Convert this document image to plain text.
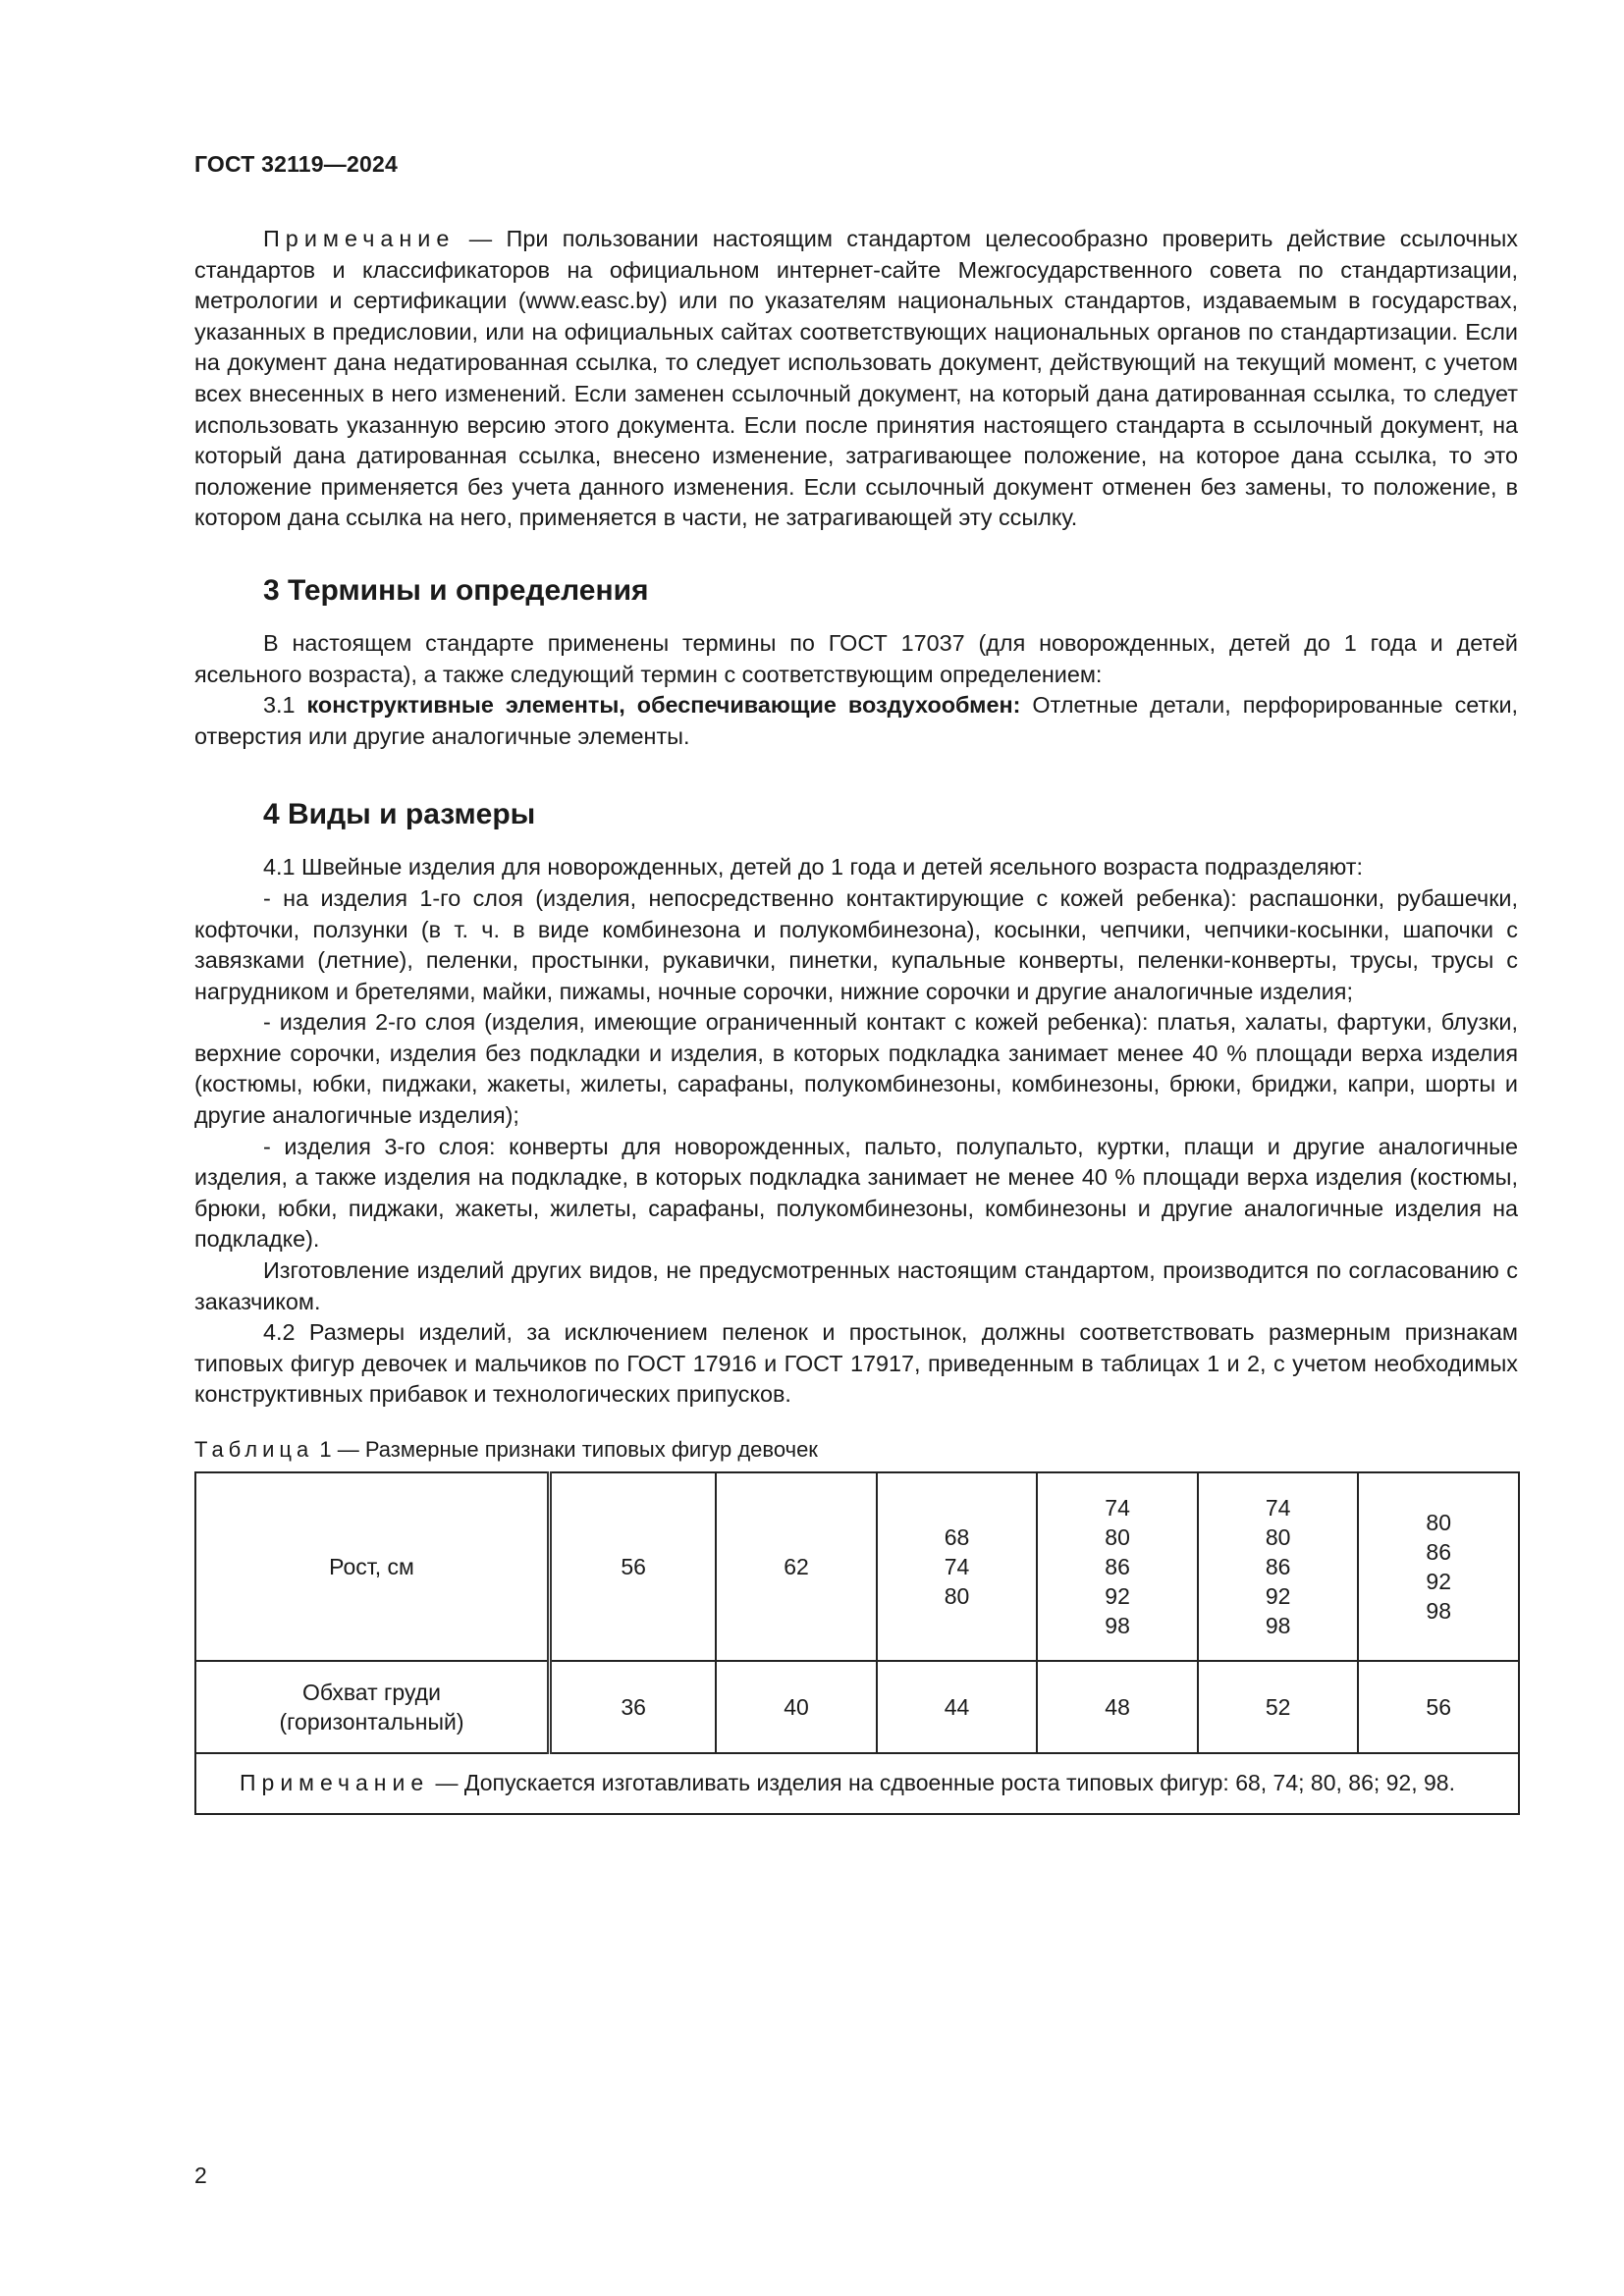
ГОСТ 32119—2024

Примечание — При пользовании настоящим стандартом целесообразно проверить действие ссылочных стандартов и классификаторов на официальном интернет-сайте Межгосударственного совета по стандартизации, метрологии и сертификации (www.easc.by) или по указателям национальных стандартов, издаваемым в государствах, указанных в предисловии, или на официальных сайтах соответствующих национальных органов по стандартизации. Если на документ дана недатированная ссылка, то следует использовать документ, действующий на текущий момент, с учетом всех внесенных в него изменений. Если заменен ссылочный документ, на который дана датированная ссылка, то следует использовать указанную версию этого документа. Если после принятия настоящего стандарта в ссылочный документ, на который дана датированная ссылка, внесено изменение, затрагивающее положение, на которое дана ссылка, то это положение применяется без учета данного изменения. Если ссылочный документ отменен без замены, то положение, в котором дана ссылка на него, применяется в части, не затрагивающей эту ссылку.

3 Термины и определения

В настоящем стандарте применены термины по ГОСТ 17037 (для новорожденных, детей до 1 года и детей ясельного возраста), а также следующий термин с соответствующим определением:

3.1 конструктивные элементы, обеспечивающие воздухообмен: Отлетные детали, перфорированные сетки, отверстия или другие аналогичные элементы.

4 Виды и размеры

4.1 Швейные изделия для новорожденных, детей до 1 года и детей ясельного возраста подразделяют:

- на изделия 1-го слоя (изделия, непосредственно контактирующие с кожей ребенка): распашонки, рубашечки, кофточки, ползунки (в т. ч. в виде комбинезона и полукомбинезона), косынки, чепчики, чепчики-косынки, шапочки с завязками (летние), пеленки, простынки, рукавички, пинетки, купальные конверты, пеленки-конверты, трусы, трусы с нагрудником и бретелями, майки, пижамы, ночные сорочки, нижние сорочки и другие аналогичные изделия;

- изделия 2-го слоя (изделия, имеющие ограниченный контакт с кожей ребенка): платья, халаты, фартуки, блузки, верхние сорочки, изделия без подкладки и изделия, в которых подкладка занимает менее 40 % площади верха изделия (костюмы, юбки, пиджаки, жакеты, жилеты, сарафаны, полукомбинезоны, комбинезоны, брюки, бриджи, капри, шорты и другие аналогичные изделия);

- изделия 3-го слоя: конверты для новорожденных, пальто, полупальто, куртки, плащи и другие аналогичные изделия, а также изделия на подкладке, в которых подкладка занимает не менее 40 % площади верха изделия (костюмы, брюки, юбки, пиджаки, жакеты, жилеты, сарафаны, полукомбинезоны, комбинезоны и другие аналогичные изделия на подкладке).

Изготовление изделий других видов, не предусмотренных настоящим стандартом, производится по согласованию с заказчиком.

4.2 Размеры изделий, за исключением пеленок и простынок, должны соответствовать размерным признакам типовых фигур девочек и мальчиков по ГОСТ 17916 и ГОСТ 17917, приведенным в таблицах 1 и 2, с учетом необходимых конструктивных прибавок и технологических припусков.

Таблица 1 — Размерные признаки типовых фигур девочек
Рост, см	56	62	68
74
80	74
80
86
92
98	74
80
86
92
98	80
86
92
98

Обхват груди
(горизонтальный)	36	40	44	48	52	56

Примечание — Допускается изготавливать изделия на сдвоенные роста типовых фигур: 68, 74; 80, 86; 92, 98.						
2
